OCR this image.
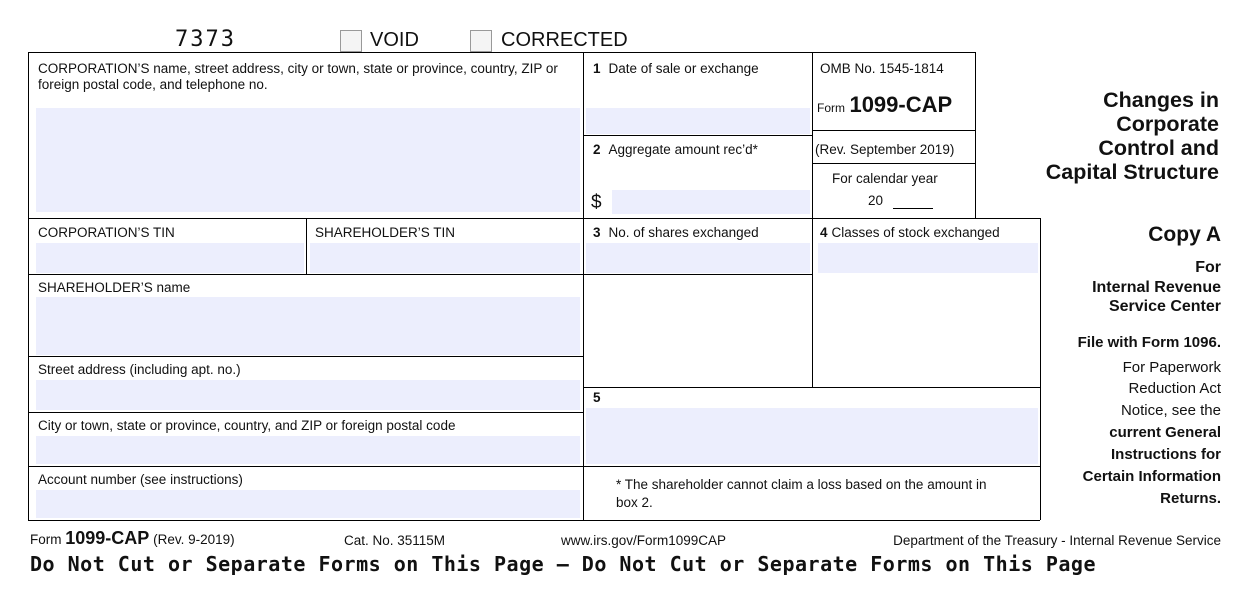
7373	VOID	CORRECTED
CORPORATION’S name, street address, city or town, state or province, country, ZIP or foreign postal code, and telephone no.
1 Date of sale or exchange	OMB No. 1545-1814
Form 1099-CAP
(Rev. September 2019)
For calendar year
20
2 Aggregate amount rec’d*
$
CORPORATION’S TIN	SHAREHOLDER’S TIN	3 No. of shares exchanged	4 Classes of stock exchanged
SHAREHOLDER’S name
Street address (including apt. no.)
5
City or town, state or province, country, and ZIP or foreign postal code
Account number (see instructions)	* The shareholder cannot claim a loss based on the amount in box 2.
Changes in
Corporate
Control and
Capital Structure
Copy A
For
Internal Revenue
Service Center
File with Form 1096.
For Paperwork
Reduction Act
Notice, see the
current General
Instructions for
Certain Information
Returns.
Form 1099-CAP (Rev. 9-2019)	Cat. No. 35115M	www.irs.gov/Form1099CAP	Department of the Treasury - Internal Revenue Service
Do Not Cut or Separate Forms on This Page — Do Not Cut or Separate Forms on This Page
